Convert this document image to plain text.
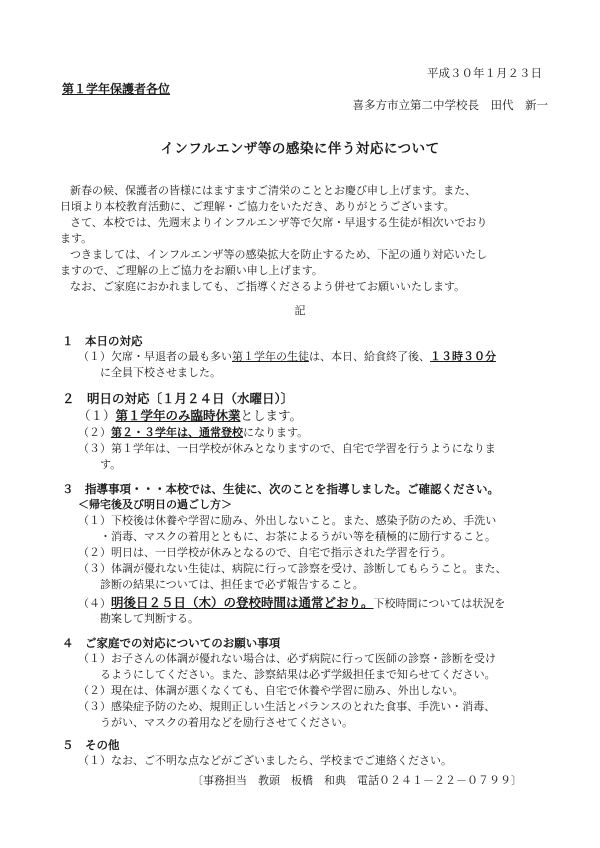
平成３０年１月２３日
第１学年保護者各位
喜多方市立第二中学校長　田代　新一
インフルエンザ等の感染に伴う対応について
新春の候、保護者の皆様にはますますご清栄のこととお慶び申し上げます。また、
日頃より本校教育活動に、ご理解・ご協力をいただき、ありがとうございます。
さて、本校では、先週末よりインフルエンザ等で欠席・早退する生徒が相次いでおり
ます。
つきましては、インフルエンザ等の感染拡大を防止するため、下記の通り対応いたし
ますので、ご理解の上ご協力をお願い申し上げます。
なお、ご家庭におかれましても、ご指導くださるよう併せてお願いいたします。
記
１　本日の対応
（１）欠席・早退者の最も多い第１学年の生徒は、本日、給食終了後、１３時３０分
に全員下校させました。
２　明日の対応〔１月２４日（水曜日）〕
（１）第１学年のみ臨時休業とします。
（２）第２・３学年は、通常登校になります。
（３）第１学年は、一日学校が休みとなりますので、自宅で学習を行うようになりま
す。
３　指導事項・・・本校では、生徒に、次のことを指導しました。ご確認ください。
＜帰宅後及び明日の過ごし方＞
（１）下校後は休養や学習に励み、外出しないこと。また、感染予防のため、手洗い
・消毒、マスクの着用とともに、お茶によるうがい等を積極的に励行すること。
（２）明日は、一日学校が休みとなるので、自宅で指示された学習を行う。
（３）体調が優れない生徒は、病院に行って診察を受け、診断してもらうこと。また、
診断の結果については、担任まで必ず報告すること。
（４）明後日２５日（木）の登校時間は通常どおり。下校時間については状況を
勘案して判断する。
４　ご家庭での対応についてのお願い事項
（１）お子さんの体調が優れない場合は、必ず病院に行って医師の診察・診断を受け
るようにしてください。また、診察結果は必ず学級担任まで知らせてください。
（２）現在は、体調が悪くなくても、自宅で休養や学習に励み、外出しない。
（３）感染症予防のため、規則正しい生活とバランスのとれた食事、手洗い・消毒、
うがい、マスクの着用などを励行させてください。
５　その他
（１）なお、ご不明な点などがございましたら、学校までご連絡ください。
〔事務担当　教頭　板橋　和典　電話０２４１－２２－０７９９〕
